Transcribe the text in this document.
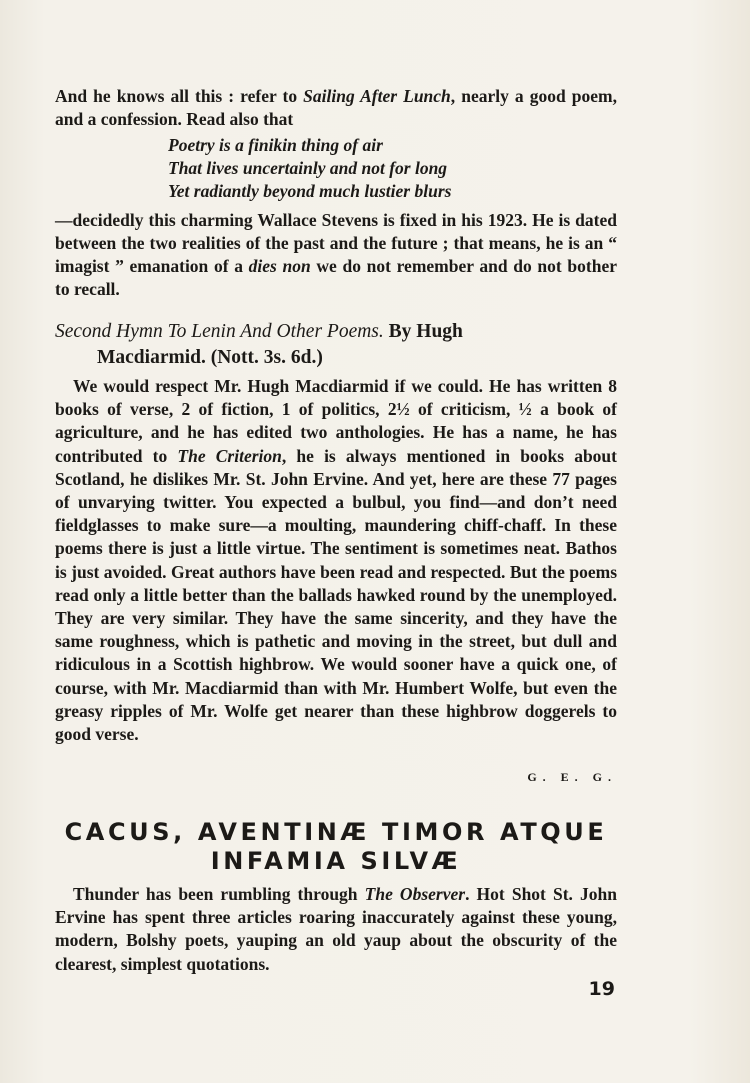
And he knows all this : refer to Sailing After Lunch, nearly a good poem, and a confession. Read also that

Poetry is a finikin thing of air
That lives uncertainly and not for long
Yet radiantly beyond much lustier blurs
—decidedly this charming Wallace Stevens is fixed in his 1923. He is dated between the two realities of the past and the future ; that means, he is an “ imagist ” emanation of a dies non we do not remember and do not bother to recall.
Second Hymn To Lenin And Other Poems. By Hugh
Macdiarmid. (Nott. 3s. 6d.)
We would respect Mr. Hugh Macdiarmid if we could. He has written 8 books of verse, 2 of fiction, 1 of politics, 2½ of criticism, ½ a book of agriculture, and he has edited two anthologies. He has a name, he has contributed to The Criterion, he is always mentioned in books about Scotland, he dislikes Mr. St. John Ervine. And yet, here are these 77 pages of unvarying twitter. You expected a bulbul, you find—and don’t need fieldglasses to make sure—a moulting, maundering chiff-chaff. In these poems there is just a little virtue. The sentiment is sometimes neat. Bathos is just avoided. Great authors have been read and respected. But the poems read only a little better than the ballads hawked round by the unemployed. They are very similar. They have the same sincerity, and they have the same roughness, which is pathetic and moving in the street, but dull and ridiculous in a Scottish highbrow. We would sooner have a quick one, of course, with Mr. Macdiarmid than with Mr. Humbert Wolfe, but even the greasy ripples of Mr. Wolfe get nearer than these highbrow doggerels to good verse.
G. E. G.
CACUS, AVENTINÆ TIMOR ATQUE
INFAMIA SILVÆ
Thunder has been rumbling through The Observer. Hot Shot St. John Ervine has spent three articles roaring inaccurately against these young, modern, Bolshy poets, yauping an old yaup about the obscurity of the clearest, simplest quotations.
19
